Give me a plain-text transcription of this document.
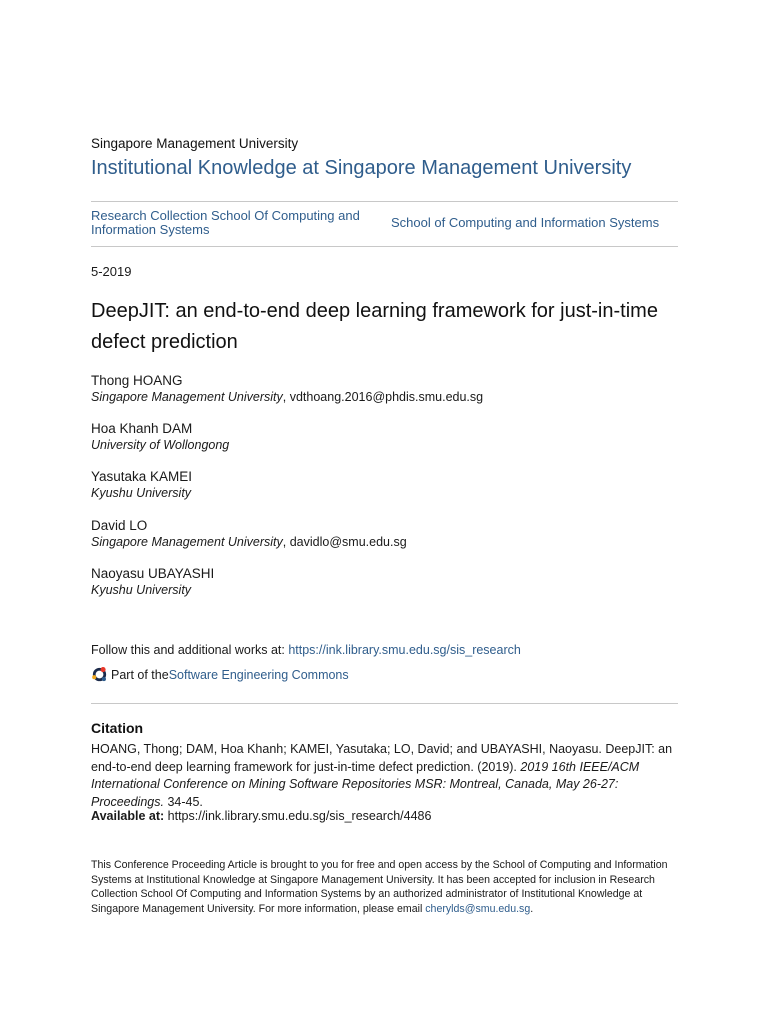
Singapore Management University
Institutional Knowledge at Singapore Management University
Research Collection School Of Computing and Information Systems	School of Computing and Information Systems
5-2019
DeepJIT: an end-to-end deep learning framework for just-in-time defect prediction
Thong HOANG
Singapore Management University, vdthoang.2016@phdis.smu.edu.sg
Hoa Khanh DAM
University of Wollongong
Yasutaka KAMEI
Kyushu University
David LO
Singapore Management University, davidlo@smu.edu.sg
Naoyasu UBAYASHI
Kyushu University
Follow this and additional works at: https://ink.library.smu.edu.sg/sis_research
Part of the Software Engineering Commons
Citation
HOANG, Thong; DAM, Hoa Khanh; KAMEI, Yasutaka; LO, David; and UBAYASHI, Naoyasu. DeepJIT: an end-to-end deep learning framework for just-in-time defect prediction. (2019). 2019 16th IEEE/ACM International Conference on Mining Software Repositories MSR: Montreal, Canada, May 26-27: Proceedings. 34-45.
Available at: https://ink.library.smu.edu.sg/sis_research/4486
This Conference Proceeding Article is brought to you for free and open access by the School of Computing and Information Systems at Institutional Knowledge at Singapore Management University. It has been accepted for inclusion in Research Collection School Of Computing and Information Systems by an authorized administrator of Institutional Knowledge at Singapore Management University. For more information, please email cherylds@smu.edu.sg.
